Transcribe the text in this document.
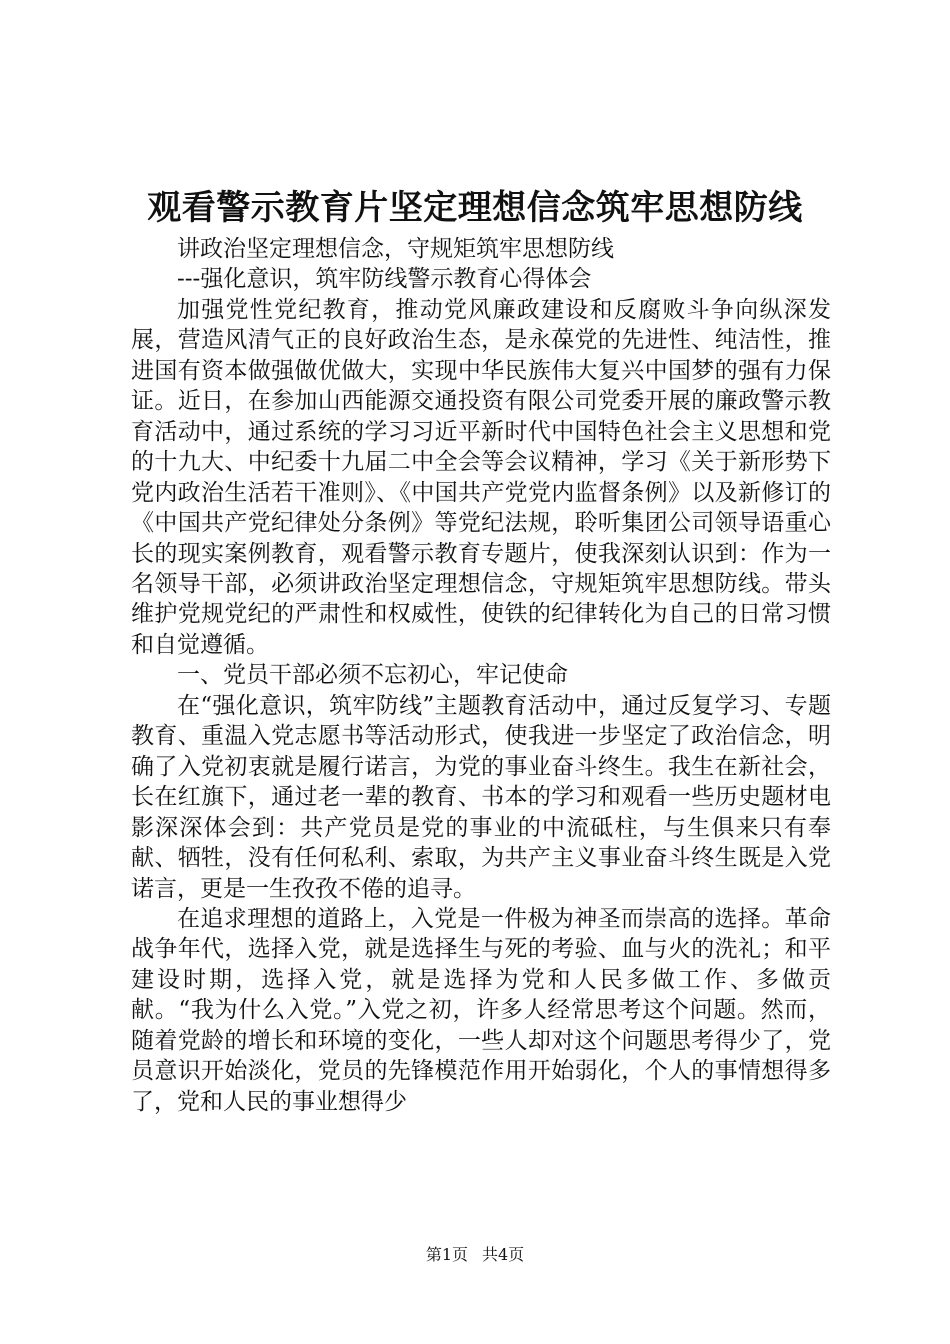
观看警示教育片坚定理想信念筑牢思想防线

讲政治坚定理想信念，守规矩筑牢思想防线

---强化意识，筑牢防线警示教育心得体会

加强党性党纪教育，推动党风廉政建设和反腐败斗争向纵深发展，营造风清气正的良好政治生态，是永葆党的先进性、纯洁性，推进国有资本做强做优做大，实现中华民族伟大复兴中国梦的强有力保证。近日，在参加山西能源交通投资有限公司党委开展的廉政警示教育活动中，通过系统的学习习近平新时代中国特色社会主义思想和党的十九大、中纪委十九届二中全会等会议精神，学习《关于新形势下党内政治生活若干准则》、《中国共产党党内监督条例》以及新修订的《中国共产党纪律处分条例》等党纪法规，聆听集团公司领导语重心长的现实案例教育，观看警示教育专题片，使我深刻认识到：作为一名领导干部，必须讲政治坚定理想信念，守规矩筑牢思想防线。带头维护党规党纪的严肃性和权威性，使铁的纪律转化为自己的日常习惯和自觉遵循。

一、党员干部必须不忘初心，牢记使命

在“强化意识，筑牢防线”主题教育活动中，通过反复学习、专题教育、重温入党志愿书等活动形式，使我进一步坚定了政治信念，明确了入党初衷就是履行诺言，为党的事业奋斗终生。我生在新社会，长在红旗下，通过老一辈的教育、书本的学习和观看一些历史题材电影深深体会到：共产党员是党的事业的中流砥柱，与生俱来只有奉献、牺牲，没有任何私利、索取，为共产主义事业奋斗终生既是入党诺言，更是一生孜孜不倦的追寻。

在追求理想的道路上，入党是一件极为神圣而崇高的选择。革命战争年代，选择入党，就是选择生与死的考验、血与火的洗礼；和平建设时期，选择入党，就是选择为党和人民多做工作、多做贡献。“我为什么入党。”入党之初，许多人经常思考这个问题。然而，随着党龄的增长和环境的变化，一些人却对这个问题思考得少了，党员意识开始淡化，党员的先锋模范作用开始弱化，个人的事情想得多了，党和人民的事业想得少

第1页 共4页
